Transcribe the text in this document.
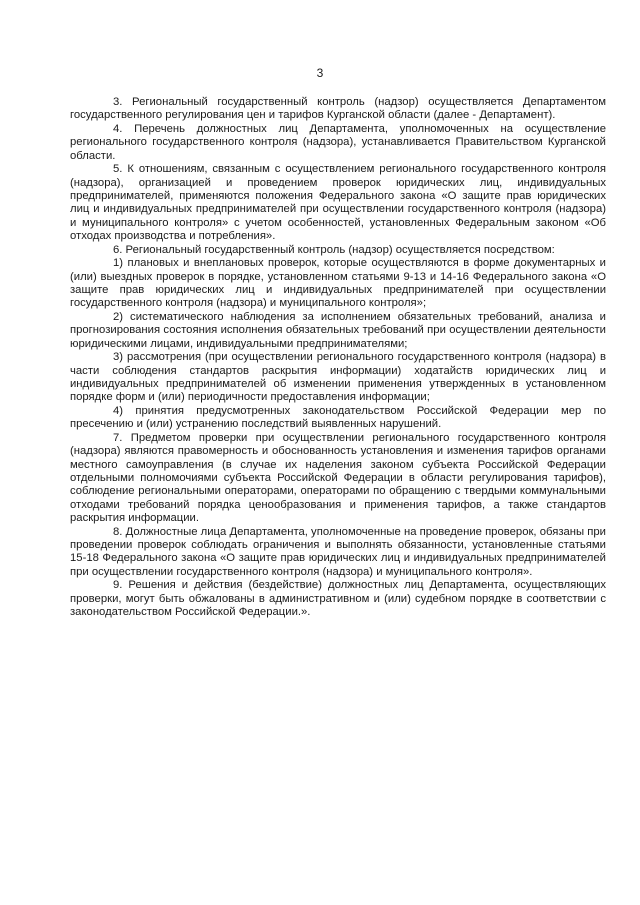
3

3. Региональный государственный контроль (надзор) осуществляется Департаментом государственного регулирования цен и тарифов Курганской области (далее - Департамент).

4. Перечень должностных лиц Департамента, уполномоченных на осуществление регионального государственного контроля (надзора), устанавливается Правительством Курганской области.

5. К отношениям, связанным с осуществлением регионального государственного контроля (надзора), организацией и проведением проверок юридических лиц, индивидуальных предпринимателей, применяются положения Федерального закона «О защите прав юридических лиц и индивидуальных предпринимателей при осуществлении государственного контроля (надзора) и муниципального контроля» с учетом особенностей, установленных Федеральным законом «Об отходах производства и потребления».

6. Региональный государственный контроль (надзор) осуществляется посредством:

1) плановых и внеплановых проверок, которые осуществляются в форме документарных и (или) выездных проверок в порядке, установленном статьями 9-13 и 14-16 Федерального закона «О защите прав юридических лиц и индивидуальных предпринимателей при осуществлении государственного контроля (надзора) и муниципального контроля»;

2) систематического наблюдения за исполнением обязательных требований, анализа и прогнозирования состояния исполнения обязательных требований при осуществлении деятельности юридическими лицами, индивидуальными предпринимателями;

3) рассмотрения (при осуществлении регионального государственного контроля (надзора) в части соблюдения стандартов раскрытия информации) ходатайств юридических лиц и индивидуальных предпринимателей об изменении применения утвержденных в установленном порядке форм и (или) периодичности предоставления информации;

4) принятия предусмотренных законодательством Российской Федерации мер по пресечению и (или) устранению последствий выявленных нарушений.

7. Предметом проверки при осуществлении регионального государственного контроля (надзора) являются правомерность и обоснованность установления и изменения тарифов органами местного самоуправления (в случае их наделения законом субъекта Российской Федерации отдельными полномочиями субъекта Российской Федерации в области регулирования тарифов), соблюдение региональными операторами, операторами по обращению с твердыми коммунальными отходами требований порядка ценообразования и применения тарифов, а также стандартов раскрытия информации.

8. Должностные лица Департамента, уполномоченные на проведение проверок, обязаны при проведении проверок соблюдать ограничения и выполнять обязанности, установленные статьями 15-18 Федерального закона «О защите прав юридических лиц и индивидуальных предпринимателей при осуществлении государственного контроля (надзора) и муниципального контроля».

9. Решения и действия (бездействие) должностных лиц Департамента, осуществляющих проверки, могут быть обжалованы в административном и (или) судебном порядке в соответствии с законодательством Российской Федерации.».
